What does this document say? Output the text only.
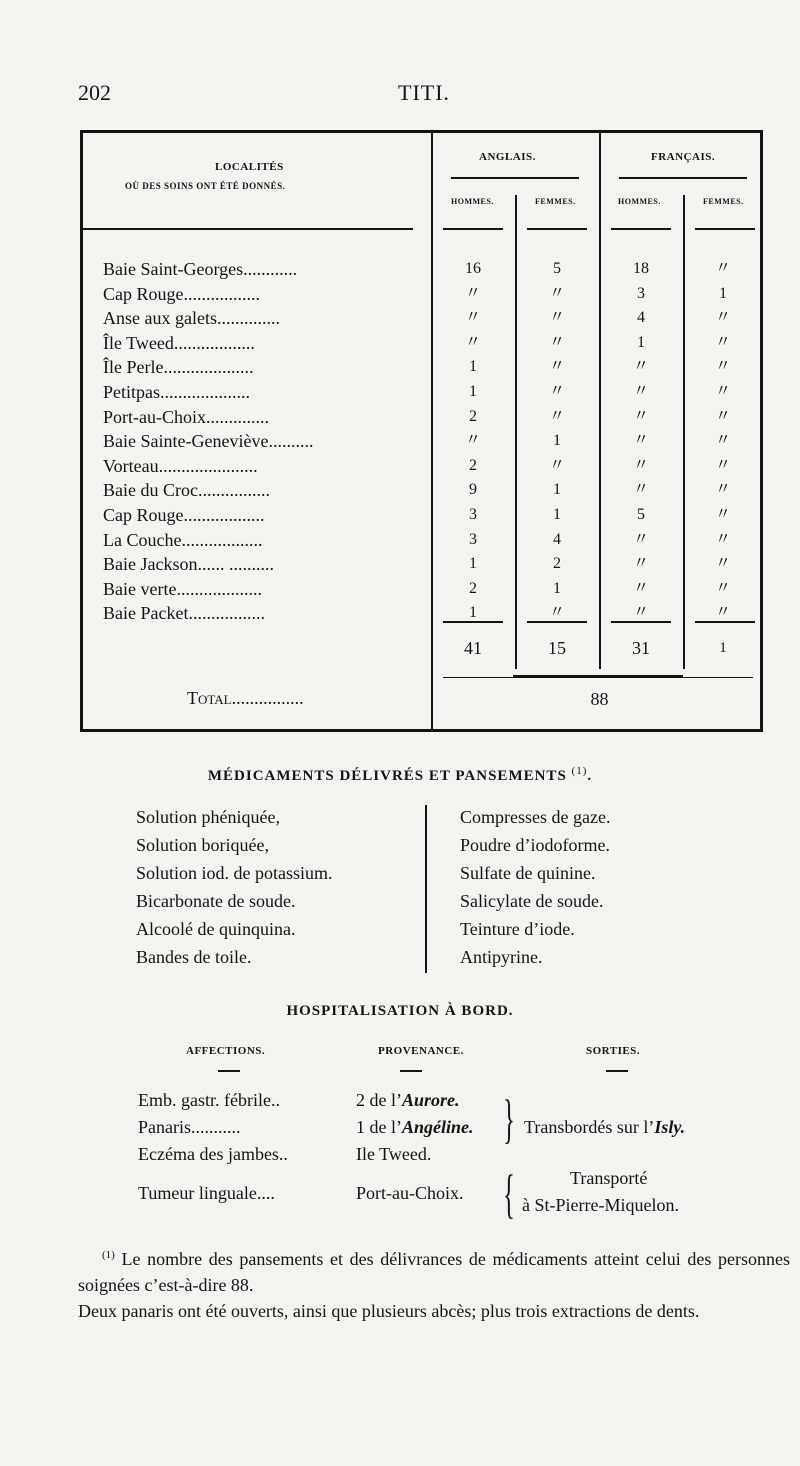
202	TITI.
LOCALITÉS
OÙ DES SOINS ONT ÉTÉ DONNÉS.
ANGLAIS.	FRANÇAIS.
HOMMES.	FEMMES.	HOMMES.	FEMMES.
Baie Saint-Georges............	16	5	18	〃
Cap Rouge.................	〃	〃	3	1
Anse aux galets..............	〃	〃	4	〃
Île Tweed..................	〃	〃	1	〃
Île Perle....................	1	〃	〃	〃
Petitpas....................	1	〃	〃	〃
Port-au-Choix..............	2	〃	〃	〃
Baie Sainte-Geneviève..........	〃	1	〃	〃
Vorteau......................	2	〃	〃	〃
Baie du Croc................	9	1	〃	〃
Cap Rouge..................	3	1	5	〃
La Couche..................	3	4	〃	〃
Baie Jackson...... ..........	1	2	〃	〃
Baie verte...................	2	1	〃	〃
Baie Packet.................	1	〃	〃	〃
41	15	31	1
Total................	88
MÉDICAMENTS DÉLIVRÉS ET PANSEMENTS $^{(1)}$.
Solution phéniquée,
Solution boriquée,
Solution iod. de potassium.
Bicarbonate de soude.
Alcoolé de quinquina.
Bandes de toile.
Compresses de gaze.
Poudre d’iodoforme.
Sulfate de quinine.
Salicylate de soude.
Teinture d’iode.
Antipyrine.
HOSPITALISATION À BORD.
AFFECTIONS.	PROVENANCE.	SORTIES.
Emb. gastr. fébrile..	2 de l’Aurore.
Panaris...........	1 de l’Angéline.
Eczéma des jambes..	Ile Tweed.
Tumeur linguale....	Port-au-Choix.
} Transbordés sur l’Isly.
{	Transporté
à St-Pierre-Miquelon.
$^{(1)}$ Le nombre des pansements et des délivrances de médicaments atteint celui des personnes soignées c’est-à-dire 88.
Deux panaris ont été ouverts, ainsi que plusieurs abcès; plus trois extractions de dents.
